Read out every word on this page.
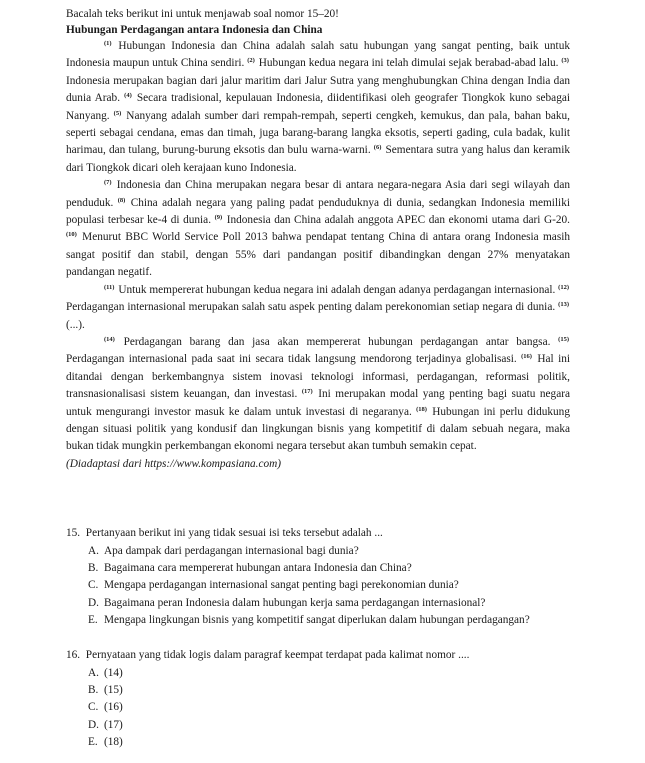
Bacalah teks berikut ini untuk menjawab soal nomor 15–20!

Hubungan Perdagangan antara Indonesia dan China

$^{(1)}$ Hubungan Indonesia dan China adalah salah satu hubungan yang sangat penting, baik untuk Indonesia maupun untuk China sendiri. $^{(2)}$ Hubungan kedua negara ini telah dimulai sejak berabad-abad lalu. $^{(3)}$ Indonesia merupakan bagian dari jalur maritim dari Jalur Sutra yang menghubungkan China dengan India dan dunia Arab. $^{(4)}$ Secara tradisional, kepulauan Indonesia, diidentifikasi oleh geografer Tiongkok kuno sebagai Nanyang. $^{(5)}$ Nanyang adalah sumber dari rempah-rempah, seperti cengkeh, kemukus, dan pala, bahan baku, seperti sebagai cendana, emas dan timah, juga barang-barang langka eksotis, seperti gading, cula badak, kulit harimau, dan tulang, burung-burung eksotis dan bulu warna-warni. $^{(6)}$ Sementara sutra yang halus dan keramik dari Tiongkok dicari oleh kerajaan kuno Indonesia.

$^{(7)}$ Indonesia dan China merupakan negara besar di antara negara-negara Asia dari segi wilayah dan penduduk. $^{(8)}$ China adalah negara yang paling padat penduduknya di dunia, sedangkan Indonesia memiliki populasi terbesar ke-4 di dunia. $^{(9)}$ Indonesia dan China adalah anggota APEC dan ekonomi utama dari G-20. $^{(10)}$ Menurut BBC World Service Poll 2013 bahwa pendapat tentang China di antara orang Indonesia masih sangat positif dan stabil, dengan 55% dari pandangan positif dibandingkan dengan 27% menyatakan pandangan negatif.

$^{(11)}$ Untuk mempererat hubungan kedua negara ini adalah dengan adanya perdagangan internasional. $^{(12)}$ Perdagangan internasional merupakan salah satu aspek penting dalam perekonomian setiap negara di dunia. $^{(13)}$ (...).

$^{(14)}$ Perdagangan barang dan jasa akan mempererat hubungan perdagangan antar bangsa. $^{(15)}$ Perdagangan internasional pada saat ini secara tidak langsung mendorong terjadinya globalisasi. $^{(16)}$ Hal ini ditandai dengan berkembangnya sistem inovasi teknologi informasi, perdagangan, reformasi politik, transnasionalisasi sistem keuangan, dan investasi. $^{(17)}$ Ini merupakan modal yang penting bagi suatu negara untuk mengurangi investor masuk ke dalam untuk investasi di negaranya. $^{(18)}$ Hubungan ini perlu didukung dengan situasi politik yang kondusif dan lingkungan bisnis yang kompetitif di dalam sebuah negara, maka bukan tidak mungkin perkembangan ekonomi negara tersebut akan tumbuh semakin cepat.

(Diadaptasi dari https://www.kompasiana.com)

15. Pertanyaan berikut ini yang tidak sesuai isi teks tersebut adalah ...

A. Apa dampak dari perdagangan internasional bagi dunia?
B. Bagaimana cara mempererat hubungan antara Indonesia dan China?
C. Mengapa perdagangan internasional sangat penting bagi perekonomian dunia?
D. Bagaimana peran Indonesia dalam hubungan kerja sama perdagangan internasional?
E. Mengapa lingkungan bisnis yang kompetitif sangat diperlukan dalam hubungan perdagangan?

16. Pernyataan yang tidak logis dalam paragraf keempat terdapat pada kalimat nomor ....

A. (14)
B. (15)
C. (16)
D. (17)
E. (18)
